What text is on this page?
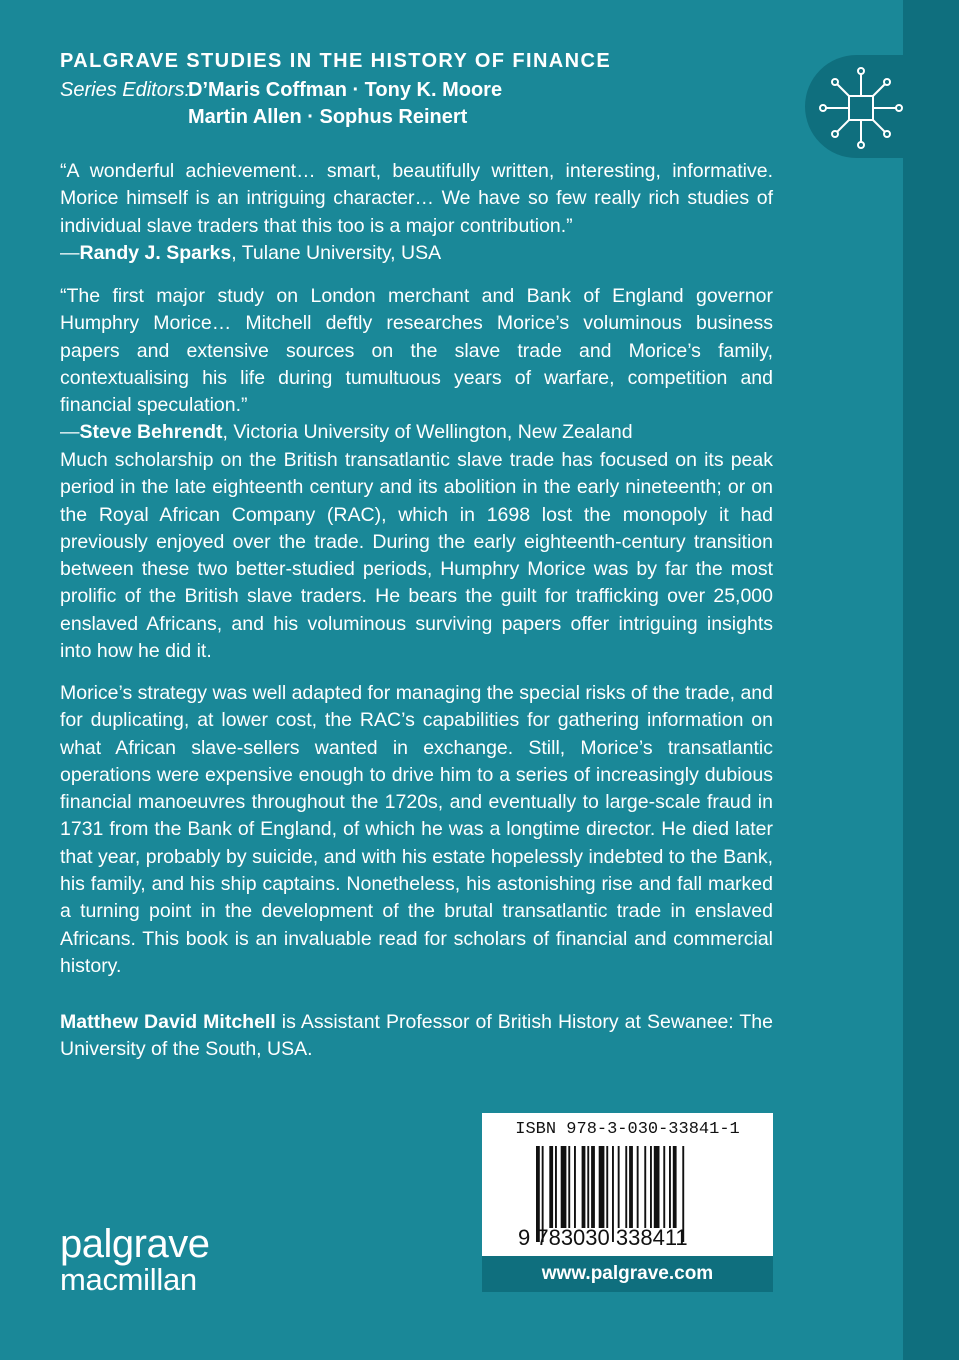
PALGRAVE STUDIES IN THE HISTORY OF FINANCE
Series Editors:
D’Maris Coffman · Tony K. Moore
Martin Allen · Sophus Reinert
“A wonderful achievement… smart, beautifully written, interesting, informative. Morice himself is an intriguing character… We have so few really rich studies of individual slave traders that this too is a major contribution.”
—Randy J. Sparks, Tulane University, USA
“The first major study on London merchant and Bank of England governor Humphry Morice… Mitchell deftly researches Morice’s voluminous business papers and extensive sources on the slave trade and Morice’s family, contextualising his life during tumultuous years of warfare, competition and financial speculation.”
—Steve Behrendt, Victoria University of Wellington, New Zealand
Much scholarship on the British transatlantic slave trade has focused on its peak period in the late eighteenth century and its abolition in the early nineteenth; or on the Royal African Company (RAC), which in 1698 lost the monopoly it had previously enjoyed over the trade. During the early eighteenth-century transition between these two better-studied periods, Humphry Morice was by far the most prolific of the British slave traders. He bears the guilt for trafficking over 25,000 enslaved Africans, and his voluminous surviving papers offer intriguing insights into how he did it.
Morice’s strategy was well adapted for managing the special risks of the trade, and for duplicating, at lower cost, the RAC’s capabilities for gathering information on what African slave-sellers wanted in exchange. Still, Morice’s transatlantic operations were expensive enough to drive him to a series of increasingly dubious financial manoeuvres throughout the 1720s, and eventually to large-scale fraud in 1731 from the Bank of England, of which he was a longtime director. He died later that year, probably by suicide, and with his estate hopelessly indebted to the Bank, his family, and his ship captains. Nonetheless, his astonishing rise and fall marked a turning point in the development of the brutal transatlantic trade in enslaved Africans. This book is an invaluable read for scholars of financial and commercial history.
Matthew David Mitchell is Assistant Professor of British History at Sewanee: The University of the South, USA.
ISBN 978-3-030-33841-1
9 783030 338411
www.palgrave.com
palgrave
macmillan
